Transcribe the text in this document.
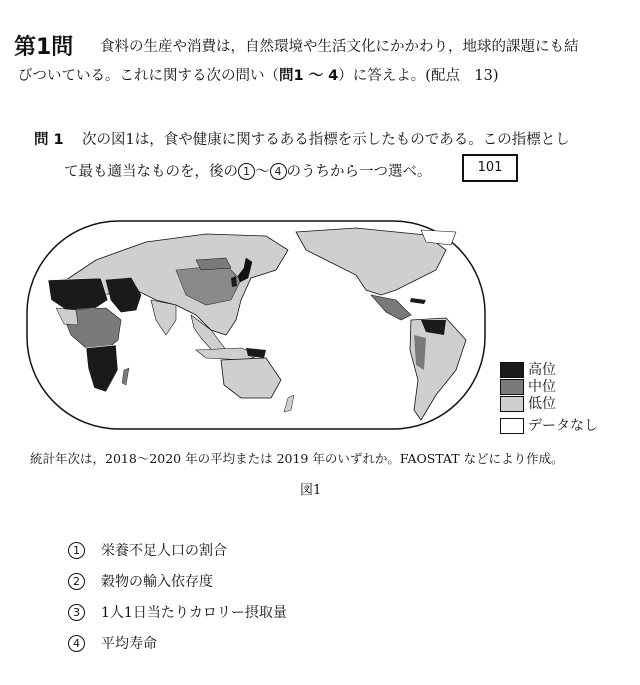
第1問 食料の生産や消費は，自然環境や生活文化にかかわり，地球的課題にも結
びついている。これに関する次の問い（問1 ～ 4）に答えよ。(配点　13)
問 1 次の図1は，食や健康に関するある指標を示したものである。この指標とし
て最も適当なものを，後の 1 ～ 4 のうちから一つ選べ。	101
高位
中位
低位
データなし
統計年次は，2018～2020 年の平均または 2019 年のいずれか。FAOSTAT などにより作成。
図1
1 栄養不足人口の割合
2 穀物の輸入依存度
3 1人1日当たりカロリー摂取量
4 平均寿命
